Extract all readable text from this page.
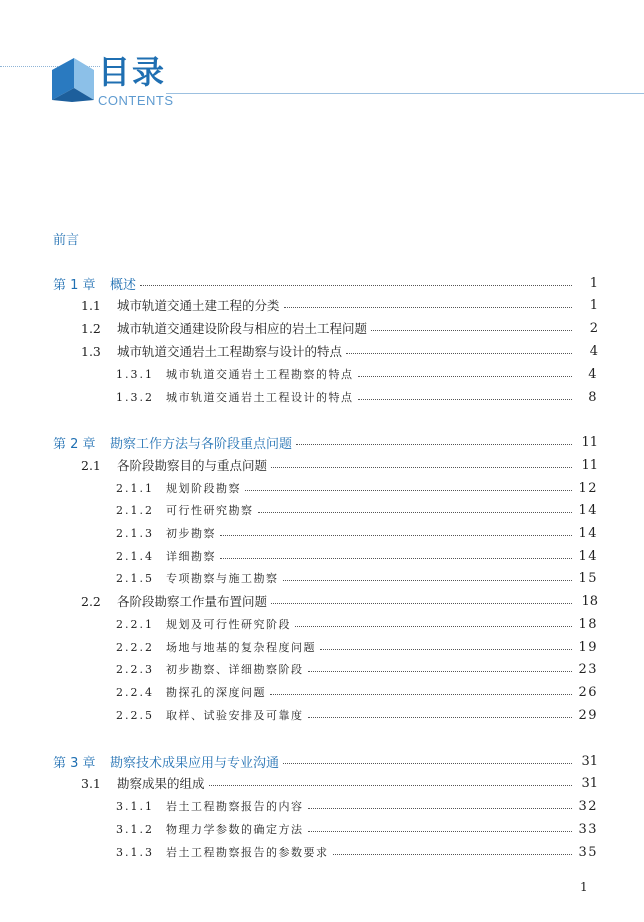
目录
CONTENTS
前言
第 1 章	概述	1
1.1	城市轨道交通土建工程的分类	1
1.2	城市轨道交通建设阶段与相应的岩土工程问题	2
1.3	城市轨道交通岩土工程勘察与设计的特点	4
1.3.1	城市轨道交通岩土工程勘察的特点	4
1.3.2	城市轨道交通岩土工程设计的特点	8
第 2 章	勘察工作方法与各阶段重点问题	11
2.1	各阶段勘察目的与重点问题	11
2.1.1	规划阶段勘察	12
2.1.2	可行性研究勘察	14
2.1.3	初步勘察	14
2.1.4	详细勘察	14
2.1.5	专项勘察与施工勘察	15
2.2	各阶段勘察工作量布置问题	18
2.2.1	规划及可行性研究阶段	18
2.2.2	场地与地基的复杂程度问题	19
2.2.3	初步勘察、详细勘察阶段	23
2.2.4	勘探孔的深度问题	26
2.2.5	取样、试验安排及可靠度	29
第 3 章	勘察技术成果应用与专业沟通	31
3.1	勘察成果的组成	31
3.1.1	岩土工程勘察报告的内容	32
3.1.2	物理力学参数的确定方法	33
3.1.3	岩土工程勘察报告的参数要求	35
1
